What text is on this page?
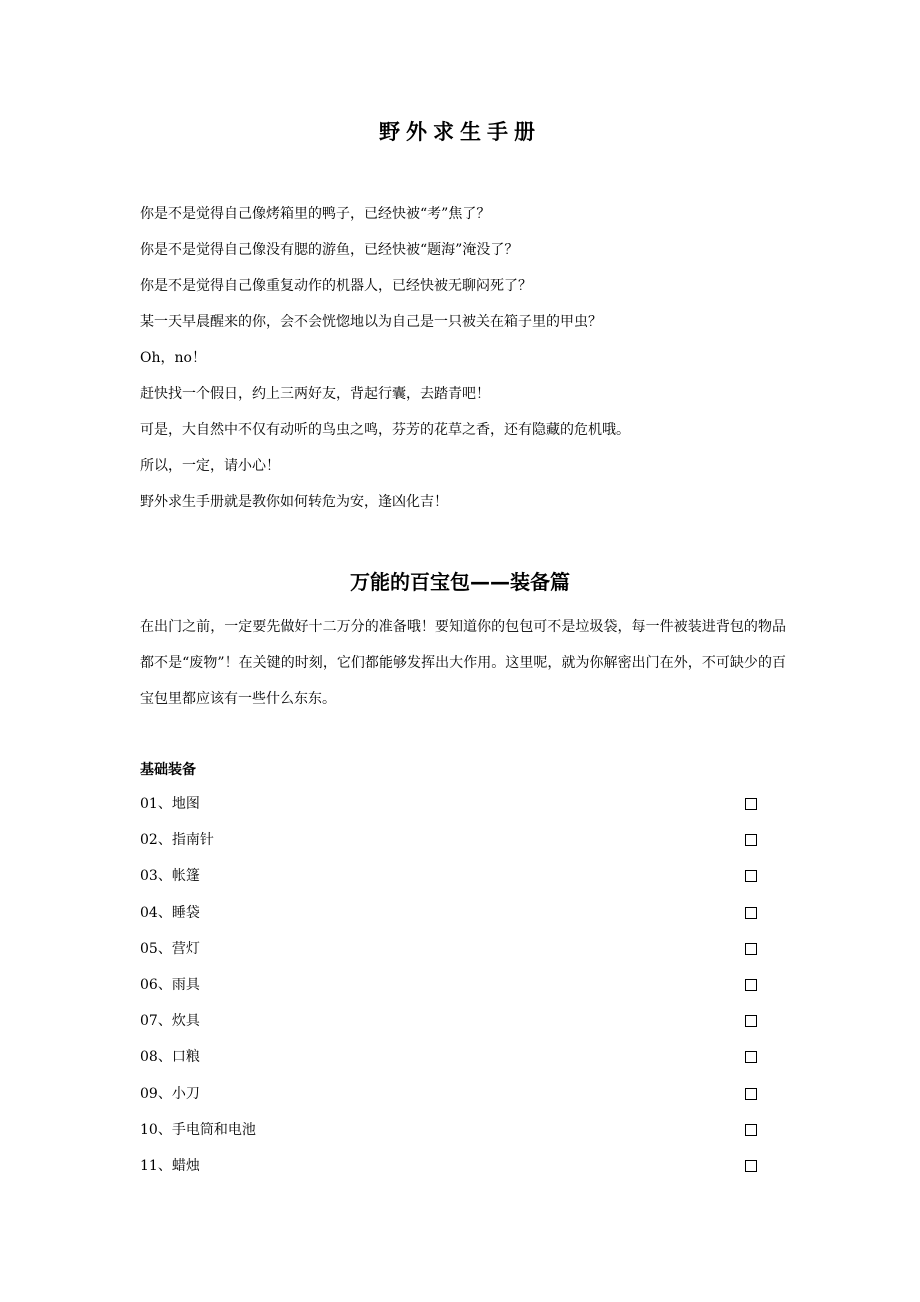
野外求生手册
你是不是觉得自己像烤箱里的鸭子，已经快被“考”焦了？
你是不是觉得自己像没有腮的游鱼，已经快被“题海”淹没了？
你是不是觉得自己像重复动作的机器人，已经快被无聊闷死了？
某一天早晨醒来的你，会不会恍惚地以为自己是一只被关在箱子里的甲虫？
Oh，no！
赶快找一个假日，约上三两好友，背起行囊，去踏青吧！
可是，大自然中不仅有动听的鸟虫之鸣，芬芳的花草之香，还有隐藏的危机哦。
所以，一定，请小心！
野外求生手册就是教你如何转危为安，逢凶化吉！
万能的百宝包——装备篇
在出门之前，一定要先做好十二万分的准备哦！要知道你的包包可不是垃圾袋，每一件被装进背包的物品都不是“废物”！在关键的时刻，它们都能够发挥出大作用。这里呢，就为你解密出门在外，不可缺少的百宝包里都应该有一些什么东东。
基础装备
01、地图
02、指南针
03、帐篷
04、睡袋
05、营灯
06、雨具
07、炊具
08、口粮
09、小刀
10、手电筒和电池
11、蜡烛
